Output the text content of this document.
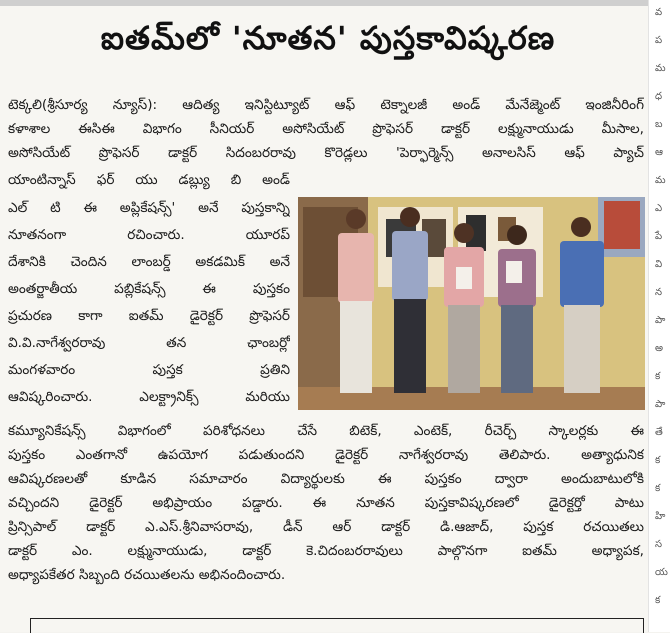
ఐతమ్‌లో 'నూతన' పుస్తకావిష్కరణ
టెక్కలి(శ్రీసూర్య న్యూస్): ఆదిత్య ఇనిస్టిట్యూట్ ఆఫ్ టెక్నాలజీ అండ్ మేనేజ్మెంట్ ఇంజినీరింగ్
కళాశాల ఈసిఈ విభాగం సీనియర్ అసోసియేట్ ప్రొఫెసర్ డాక్టర్ లక్ష్మునాయుడు మీసాల,
అసోసియేట్ ప్రొఫెసర్ డాక్టర్ సిదంబరరావు కొరెడ్లలు 'పెర్ఫార్మెన్స్ అనాలసిస్ ఆఫ్ ప్యాచ్
యాంటిన్నాస్ ఫర్ యు డబ్ల్యు బి అండ్
ఎల్ టి ఈ అప్లికేషన్స్' అనే పుస్తకాన్ని
నూతనంగా రచించారు. యూరప్
దేశానికి చెందిన లాంబర్డ్ అకడమిక్ అనే
అంతర్జాతీయ పబ్లికేషన్స్ ఈ పుస్తకం
ప్రచురణ కాగా ఐతమ్ డైరెక్టర్ ప్రొఫెసర్
వి.వి.నాగేశ్వరరావు తన ఛాంబర్లో
మంగళవారం పుస్తక ప్రతిని
ఆవిష్కరించారు. ఎలక్ట్రానిక్స్ మరియు
కమ్యూనికేషన్స్ విభాగంలో పరిశోధనలు చేసే బిటెక్, ఎంటెక్, రీచెర్చ్ స్కాలర్లకు ఈ
పుస్తకం ఎంతగానో ఉపయోగ పడుతుందని డైరెక్టర్ నాగేశ్వరరావు తెలిపారు. అత్యాధునిక
ఆవిష్కరణలతో కూడిన సమాచారం విద్యార్థులకు ఈ పుస్తకం ద్వారా అందుబాటులోకి
వచ్చిందని డైరెక్టర్ అభిప్రాయం పడ్డారు. ఈ నూతన పుస్తకావిష్కరణలో డైరెక్టర్తో పాటు
ప్రిన్సిపాల్ డాక్టర్ ఎ.ఎస్.శ్రీనివాసరావు, డీన్ ఆర్ డాక్టర్ డి.ఆజాద్, పుస్తక రచయితలు
డాక్టర్ ఎం. లక్ష్మునాయుడు, డాక్టర్ కె.చిదంబరరావులు పాల్గొనగా ఐతమ్ అధ్యాపక,
అధ్యాపకేతర సిబ్బంది రచయితలను అభినందించారు.
వ
ప
మ
ధ
బ
ఆ
మ
ఎ
పే
వి
న
పా
అ
క
పా
తే
క
క
హి
స
య
క
